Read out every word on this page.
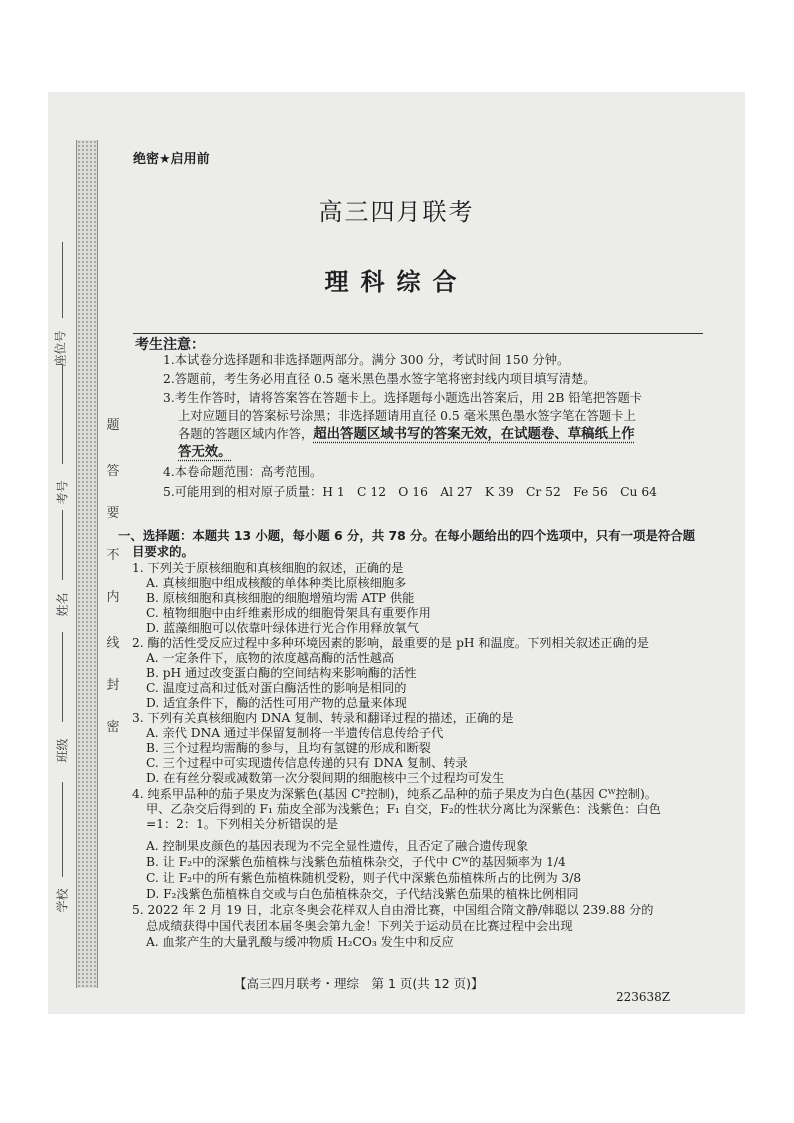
座位号
考号
姓名
班级
学校
题
答
要
不
内
线
封
密
绝密★启用前
高三四月联考
理科综合
考生注意：
1.本试卷分选择题和非选择题两部分。满分 300 分，考试时间 150 分钟。
2.答题前，考生务必用直径 0.5 毫米黑色墨水签字笔将密封线内项目填写清楚。
3.考生作答时，请将答案答在答题卡上。选择题每小题选出答案后，用 2B 铅笔把答题卡
上对应题目的答案标号涂黑；非选择题请用直径 0.5 毫米黑色墨水签字笔在答题卡上
各题的答题区域内作答，超出答题区域书写的答案无效，在试题卷、草稿纸上作
答无效。
4.本卷命题范围：高考范围。
5.可能用到的相对原子质量：H 1　C 12　O 16　Al 27　K 39　Cr 52　Fe 56　Cu 64
一、选择题：本题共 13 小题，每小题 6 分，共 78 分。在每小题给出的四个选项中，只有一项是符合题
目要求的。
1. 下列关于原核细胞和真核细胞的叙述，正确的是
A. 真核细胞中组成核酸的单体种类比原核细胞多
B. 原核细胞和真核细胞的细胞增殖均需 ATP 供能
C. 植物细胞中由纤维素形成的细胞骨架具有重要作用
D. 蓝藻细胞可以依靠叶绿体进行光合作用释放氧气
2. 酶的活性受反应过程中多种环境因素的影响，最重要的是 pH 和温度。下列相关叙述正确的是
A. 一定条件下，底物的浓度越高酶的活性越高
B. pH 通过改变蛋白酶的空间结构来影响酶的活性
C. 温度过高和过低对蛋白酶活性的影响是相同的
D. 适宜条件下，酶的活性可用产物的总量来体现
3. 下列有关真核细胞内 DNA 复制、转录和翻译过程的描述，正确的是
A. 亲代 DNA 通过半保留复制将一半遗传信息传给子代
B. 三个过程均需酶的参与，且均有氢键的形成和断裂
C. 三个过程中可实现遗传信息传递的只有 DNA 复制、转录
D. 在有丝分裂或减数第一次分裂间期的细胞核中三个过程均可发生
4. 纯系甲品种的茄子果皮为深紫色(基因 Cᴾ控制)，纯系乙品种的茄子果皮为白色(基因 Cᵂ控制)。
甲、乙杂交后得到的 F₁ 茄皮全部为浅紫色；F₁ 自交，F₂的性状分离比为深紫色：浅紫色：白色
=1：2：1。下列相关分析错误的是
A. 控制果皮颜色的基因表现为不完全显性遗传，且否定了融合遗传现象
B. 让 F₂中的深紫色茄植株与浅紫色茄植株杂交，子代中 Cᵂ的基因频率为 1/4
C. 让 F₂中的所有紫色茄植株随机受粉，则子代中深紫色茄植株所占的比例为 3/8
D. F₂浅紫色茄植株自交或与白色茄植株杂交，子代结浅紫色茄果的植株比例相同
5. 2022 年 2 月 19 日，北京冬奥会花样双人自由滑比赛，中国组合隋文静/韩聪以 239.88 分的
总成绩获得中国代表团本届冬奥会第九金！下列关于运动员在比赛过程中会出现
A. 血浆产生的大量乳酸与缓冲物质 H₂CO₃ 发生中和反应
【高三四月联考・理综　第 1 页(共 12 页)】
223638Z
